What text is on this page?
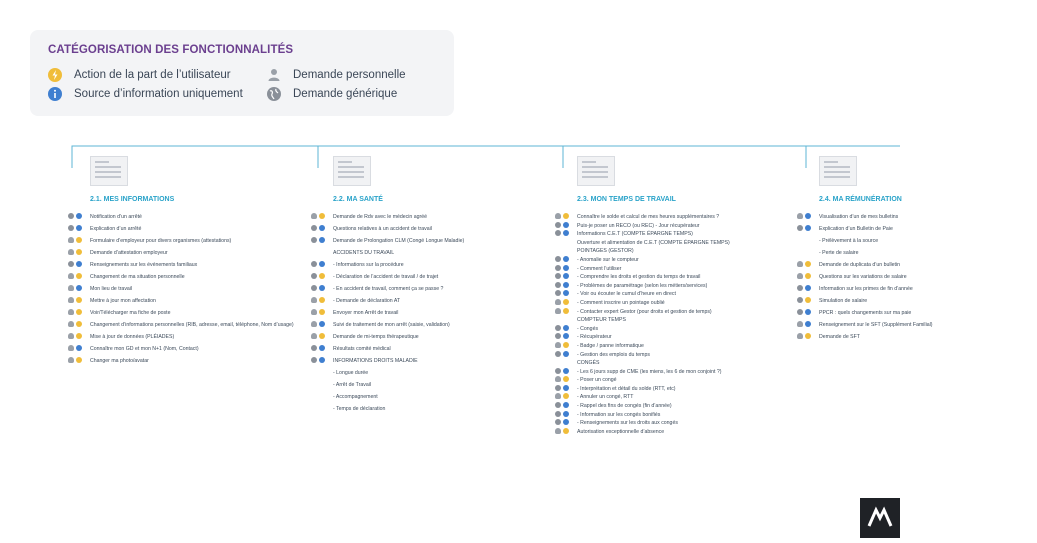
CATÉGORISATION DES FONCTIONNALITÉS
Action de la part de l’utilisateur	Demande personnelle
Source d’information uniquement	Demande générique
2.1. MES INFORMATIONS
Notification d’un arrêté
Explication d’un arrêté
Formulaire d’employeur pour divers organismes (attestations)
Demande d’attestation employeur
Renseignements sur les événements familiaux
Changement de ma situation personnelle
Mon lieu de travail
Mettre à jour mon affectation
Voir/Télécharger ma fiche de poste
Changement d’informations personnelles (RIB, adresse, email, téléphone, Nom d’usage)
Mise à jour de données (PLÉIADES)
Connaître mon GD et mon N+1 (Nom, Contact)
Changer ma photo/avatar
2.2. MA SANTÉ
Demande de Rdv avec le médecin agréé
Questions relatives à un accident de travail
Demande de Prolongation CLM (Congé Longue Maladie)
ACCIDENTS DU TRAVAIL
- Informations sur la procédure
- Déclaration de l’accident de travail / de trajet
- En accident de travail, comment ça se passe ?
- Demande de déclaration AT
Envoyer mon Arrêt de travail
Suivi de traitement de mon arrêt (saisie, validation)
Demande de mi-temps thérapeutique
Résultats comité médical
INFORMATIONS DROITS MALADIE
- Longue durée
- Arrêt de Travail
- Accompagnement
- Temps de déclaration
2.3. MON TEMPS DE TRAVAIL
Connaître le solde et calcul de mes heures supplémentaires ?
Puis-je poser un RECO (ou REC) - Jour récupérateur
Informations C.E.T (COMPTE ÉPARGNE TEMPS)
Ouverture et alimentation de C.E.T (COMPTE ÉPARGNE TEMPS)
POINTAGES (GESTOR)
- Anomalie sur le compteur
- Comment l’utiliser
- Comprendre les droits et gestion du temps de travail
- Problèmes de paramétrage (selon les métiers/services)
- Voir ou écouter le cumul d’heure en direct
- Comment inscrire un pointage oublié
- Contacter expert Gestor (pour droits et gestion de temps)
COMPTEUR TEMPS
- Congés
- Récupérateur
- Badge / panne informatique
- Gestion des emplois du temps
CONGÉS
- Les 6 jours supp de CME (les miens, les 6 de mon conjoint ?)
- Poser un congé
- Interprétation et détail du solde (RTT, etc)
- Annuler un congé, RTT
- Rappel des fins de congés (fin d’année)
- Information sur les congés bonifiés
- Renseignements sur les droits aux congés
Autorisation exceptionnelle d’absence
2.4. MA RÉMUNÉRATION
Visualisation d’un de mes bulletins
Explication d’un Bulletin de Paie
- Prélèvement à la source
- Perte de salaire
Demande de duplicata d’un bulletin
Questions sur les variations de salaire
Information sur les primes de fin d’année
Simulation de salaire
PPCR : quels changements sur ma paie
Renseignement sur le SFT (Supplément Familial)
Demande de SFT
